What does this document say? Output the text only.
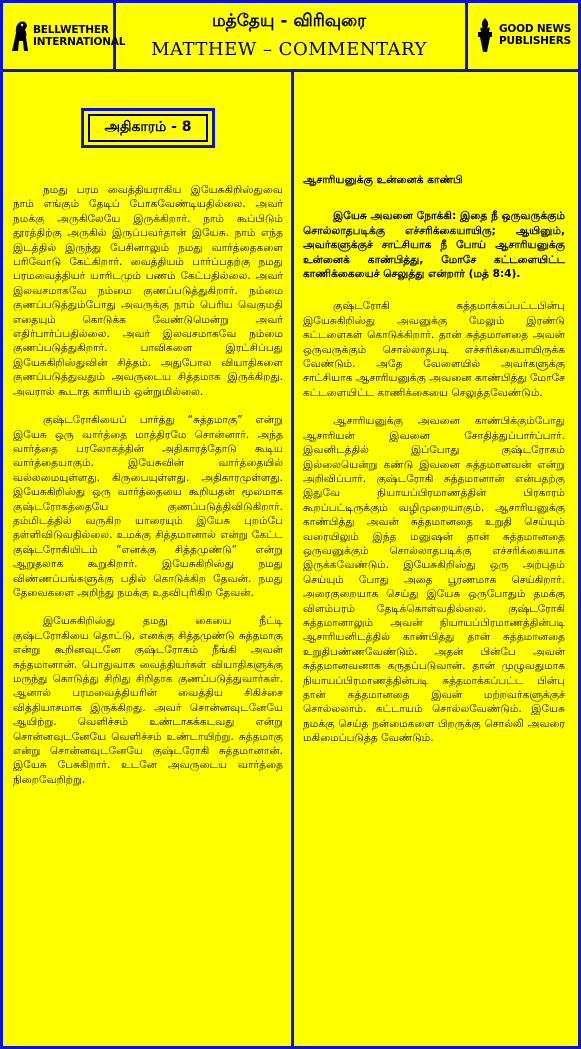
BELLWETHER INTERNATIONAL
மத்தேயு - விரிவுரை
MATTHEW – COMMENTARY
GOOD NEWS PUBLISHERS
அதிகாரம் - 8

நமது பரம வைத்தியராகிய இயேசுகிறிஸ்துவை நாம் எங்கும் தேடிப் போகவேண்டியதில்லை. அவர் நமக்கு அருகிலேயே இருக்கிறார். நாம் கூப்பிடும் தூரத்திற்கு அருகில் இருப்பவர்தான் இயேசு. நாம் எந்த இடத்தில் இருந்து பேசினாலும் நமது வார்த்தைகளை பரிவோடு கேட்கிறார். வைத்தியம் பார்ப்பதற்கு நமது பரமவைத்தியர் யாரிடமும் பணம் கேட்பதில்லை. அவர் இலவசமாகவே நம்மை குணப்படுத்துகிறார். நம்மை குணப்படுத்தும்போது அவருக்கு நாம் பெரிய வெகுமதி எதையும் கொடுக்க வேண்டுமென்று அவர் எதிர்பார்ப்பதில்லை. அவர் இலவசமாகவே நம்மை குணப்படுத்துகிறார். பாவிகளை இரட்சிப்பது இயேசுகிறிஸ்துவின் சித்தம். அதுபோல வியாதிகளை குணப்படுத்துவதும் அவருடைய சித்தமாக இருக்கிறது. அவரால் கூடாத காரியம் ஒன்றுமில்லை.

குஷ்டரோகியைப் பார்த்து “சுத்தமாகு” என்று இயேசு ஒரு வார்த்தை மாத்திரமே சொன்னார். அந்த வார்த்தை பரலோகத்தின் அதிகாரத்தோடு கூடிய வார்த்தையாகும். இயேசுவின் வார்த்தையில் வல்லமையுள்ளது. கிருபையுள்ளது. அதிகாரமுள்ளது. இயேசுகிறிஸ்து ஒரு வார்த்தையை கூறியதன் மூலமாக குஷ்டரோகத்தையே குணப்படுத்திவிடுகிறார். தம்மிடத்தில் வருகிற யாரையும் இயேசு புறம்பே தள்ளிவிடுவதில்லை. உமக்கு சித்தமானால் என்று கேட்ட குஷ்டரோகியிடம் “எனக்கு சித்தமுண்டு” என்று ஆறுதலாக கூறுகிறார். இயேசுகிறிஸ்து நமது விண்ணப்பங்களுக்கு பதில் கொடுக்கிற தேவன். நமது தேவைகளை அறிந்து நமக்கு உதவிபுரிகிற தேவன்.

இயேசுகிறிஸ்து தமது கையை நீட்டி குஷ்டரோகியை தொட்டு, எனக்கு சித்தமுண்டு சுத்தமாகு என்று கூறினவுடனே குஷ்டரோகம் நீங்கி அவன் சுத்தமானான். பொதுவாக வைத்தியர்கள் வியாதிகளுக்கு மருந்து கொடுத்து சிறிது சிறிதாக குணப்படுத்துவார்கள். ஆனால் பரமவைத்தியரின் வைத்திய சிகிச்சை வித்தியாசமாக இருக்கிறது. அவர் சொன்னவுடனேயே ஆயிற்று. வெளிச்சம் உண்டாகக்கடவது என்று சொன்னவுடனேயே வெளிச்சம் உண்டாயிற்று. சுத்தமாகு என்று சொன்னவுடனேயே குஷ்டரோகி சுத்தமானான். இயேசு பேசுகிறார். உடனே அவருடைய வார்த்தை நிறைவேறிற்று.

ஆசாரியனுக்கு உன்னைக் காண்பி
இயேசு அவனை நோக்கி: இதை நீ ஒருவருக்கும் சொல்லாதபடிக்கு எச்சரிக்கையாயிரு; ஆயினும், அவர்களுக்குச் சாட்சியாக நீ போய் ஆசாரியனுக்கு உன்னைக் காண்பித்து, மோசே கட்டளையிட்ட காணிக்கையைச் செலுத்து என்றார் (மத் 8:4).

குஷ்டரோகி சுத்தமாக்கப்பட்டபின்பு இயேசுகிறிஸ்து அவனுக்கு மேலும் இரண்டு கட்டளைகள் கொடுக்கிறார். தான் சுத்தமானதை அவன் ஒருவருக்கும் சொல்லாதபடி எச்சரிக்கையாயிருக்க வேண்டும். அதே வேளையில் அவர்களுக்கு சாட்சியாக ஆசாரியனுக்கு அவனை காண்பித்து மோசே கட்டளையிட்ட காணிக்கையை செலுத்தவேண்டும்.

ஆசாரியனுக்கு அவனை காண்பிக்கும்போது ஆசாரியன் இவனை சோதித்துப்பார்ப்பார். இவனிடத்தில் இப்போது குஷ்டரோகம் இல்லையென்று கண்டு இவனை சுத்தமானவன் என்று அறிவிப்பார். குஷ்டரோகி சுத்தமானான் என்பதற்கு இதுவே நியாயப்பிரமாணத்தின் பிரகாரம் கூறப்பட்டிருக்கும் வழிமுறையாகும். ஆசாரியனுக்கு காண்பித்து அவன் சுத்தமானதை உறுதி செய்யும் வரையிலும் இந்த மனுஷன் தான் சுத்தமானதை ஒருவனுக்கும் சொல்லாதபடிக்கு எச்சரிக்கையாக இருக்கவேண்டும். இயேசுகிறிஸ்து ஒரு அற்புதம் செய்யும் போது அதை பூரணமாக செய்கிறார். அரைகுறையாக செய்து இயேசு ஒருபோதும் தமக்கு விளம்பரம் தேடிக்கொள்வதில்லை. குஷ்டரோகி சுத்தமானாலும் அவன் நியாயப்பிரமாணத்தின்படி ஆசாரியனிடத்தில் காண்பித்து தான் சுத்தமானதை உறுதிபண்ணவேண்டும். அதன் பின்பே அவன் சுத்தமானவனாக கருதப்படுவான். தான் முழுவதுமாக நியாயப்பிரமாணத்தின்படி சுத்தமாக்கப்பட்ட பின்பு தான் சுத்தமானதை இவன் மற்றவர்களுக்குச் சொல்லலாம். கட்டாயம் சொல்லவேண்டும். இயேசு நமக்கு செய்த நன்மைகளை பிறருக்கு சொல்லி அவரை மகிமைப்படுத்த வேண்டும்.
